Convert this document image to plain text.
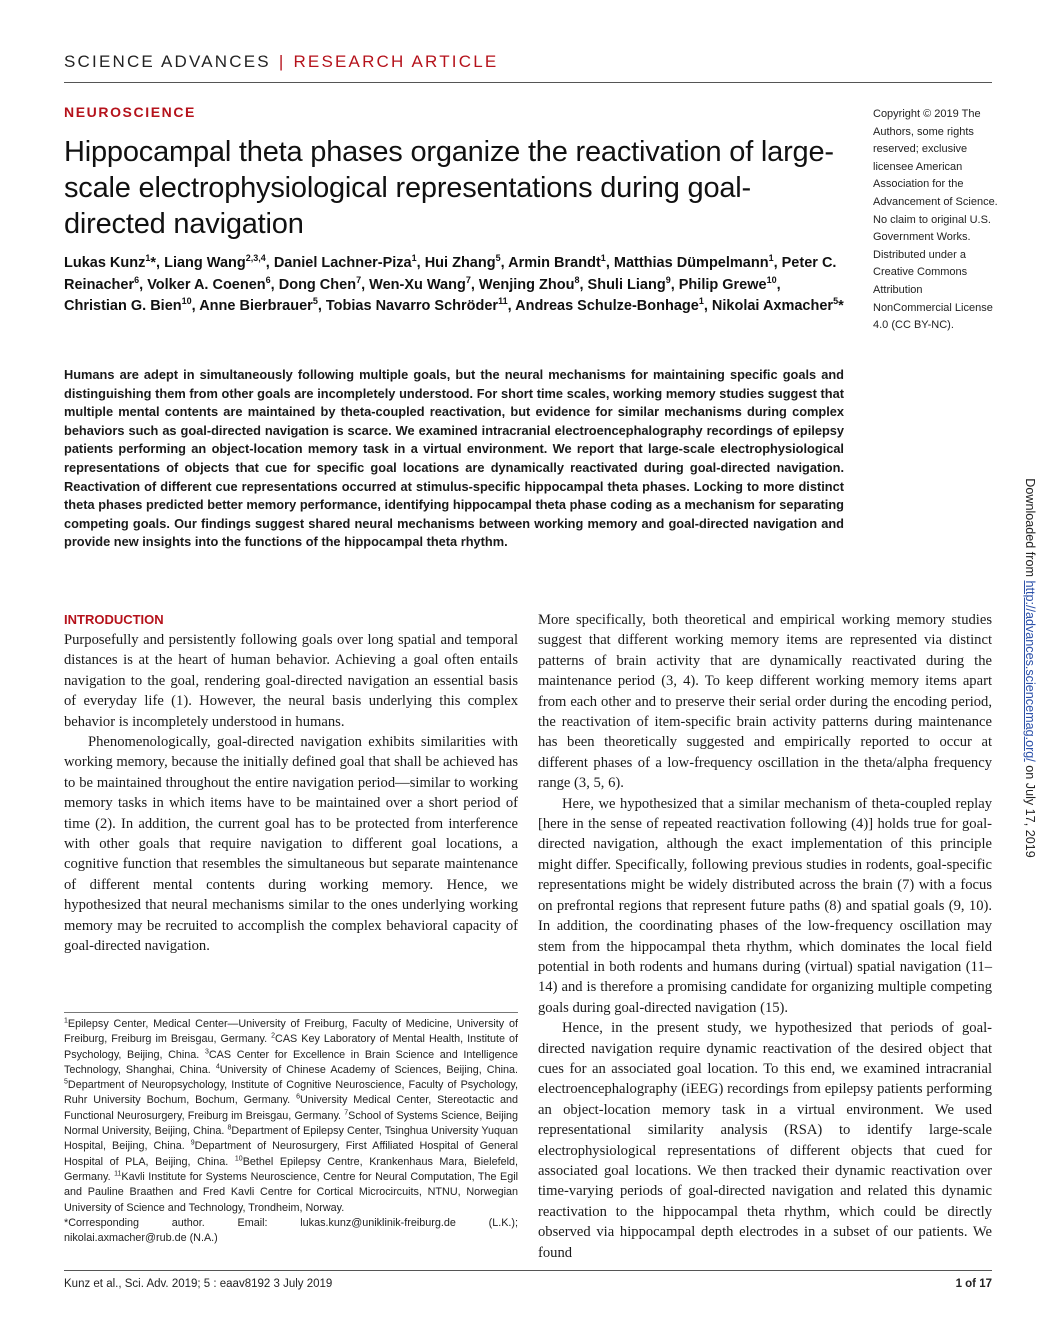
SCIENCE ADVANCES | RESEARCH ARTICLE
NEUROSCIENCE
Hippocampal theta phases organize the reactivation of large-scale electrophysiological representations during goal-directed navigation
Lukas Kunz$^1$*, Liang Wang$^{2,3,4}$, Daniel Lachner-Piza$^1$, Hui Zhang$^5$, Armin Brandt$^1$, Matthias Dümpelmann$^1$, Peter C. Reinacher$^6$, Volker A. Coenen$^6$, Dong Chen$^7$, Wen-Xu Wang$^7$, Wenjing Zhou$^8$, Shuli Liang$^9$, Philip Grewe$^{10}$, Christian G. Bien$^{10}$, Anne Bierbrauer$^5$, Tobias Navarro Schröder$^{11}$, Andreas Schulze-Bonhage$^1$, Nikolai Axmacher$^5$*
Copyright © 2019 The Authors, some rights reserved; exclusive licensee American Association for the Advancement of Science. No claim to original U.S. Government Works. Distributed under a Creative Commons Attribution NonCommercial License 4.0 (CC BY-NC).
Humans are adept in simultaneously following multiple goals, but the neural mechanisms for maintaining specific goals and distinguishing them from other goals are incompletely understood. For short time scales, working memory studies suggest that multiple mental contents are maintained by theta-coupled reactivation, but evidence for similar mechanisms during complex behaviors such as goal-directed navigation is scarce. We examined intracranial electroencephalography recordings of epilepsy patients performing an object-location memory task in a virtual environment. We report that large-scale electrophysiological representations of objects that cue for specific goal locations are dynamically reactivated during goal-directed navigation. Reactivation of different cue representations occurred at stimulus-specific hippocampal theta phases. Locking to more distinct theta phases predicted better memory performance, identifying hippocampal theta phase coding as a mechanism for separating competing goals. Our findings suggest shared neural mechanisms between working memory and goal-directed navigation and provide new insights into the functions of the hippocampal theta rhythm.
INTRODUCTION

Purposefully and persistently following goals over long spatial and temporal distances is at the heart of human behavior. Achieving a goal often entails navigation to the goal, rendering goal-directed navigation an essential basis of everyday life (1). However, the neural basis underlying this complex behavior is incompletely understood in humans.

Phenomenologically, goal-directed navigation exhibits similarities with working memory, because the initially defined goal that shall be achieved has to be maintained throughout the entire navigation period—similar to working memory tasks in which items have to be maintained over a short period of time (2). In addition, the current goal has to be protected from interference with other goals that require navigation to different goal locations, a cognitive function that resembles the simultaneous but separate maintenance of different mental contents during working memory. Hence, we hypothesized that neural mechanisms similar to the ones underlying working memory may be recruited to accomplish the complex behavioral capacity of goal-directed navigation.

More specifically, both theoretical and empirical working memory studies suggest that different working memory items are represented via distinct patterns of brain activity that are dynamically reactivated during the maintenance period (3, 4). To keep different working memory items apart from each other and to preserve their serial order during the encoding period, the reactivation of item-specific brain activity patterns during maintenance has been theoretically suggested and empirically reported to occur at different phases of a low-frequency oscillation in the theta/alpha frequency range (3, 5, 6).

Here, we hypothesized that a similar mechanism of theta-coupled replay [here in the sense of repeated reactivation following (4)] holds true for goal-directed navigation, although the exact implementation of this principle might differ. Specifically, following previous studies in rodents, goal-specific representations might be widely distributed across the brain (7) with a focus on prefrontal regions that represent future paths (8) and spatial goals (9, 10). In addition, the coordinating phases of the low-frequency oscillation may stem from the hippocampal theta rhythm, which dominates the local field potential in both rodents and humans during (virtual) spatial navigation (11–14) and is therefore a promising candidate for organizing multiple competing goals during goal-directed navigation (15).

Hence, in the present study, we hypothesized that periods of goal-directed navigation require dynamic reactivation of the desired object that cues for an associated goal location. To this end, we examined intracranial electroencephalography (iEEG) recordings from epilepsy patients performing an object-location memory task in a virtual environment. We used representational similarity analysis (RSA) to identify large-scale electrophysiological representations of different objects that cued for associated goal locations. We then tracked their dynamic reactivation over time-varying periods of goal-directed navigation and related this dynamic reactivation to the hippocampal theta rhythm, which could be directly observed via hippocampal depth electrodes in a subset of our patients. We found

$^1$Epilepsy Center, Medical Center—University of Freiburg, Faculty of Medicine, University of Freiburg, Freiburg im Breisgau, Germany. $^2$CAS Key Laboratory of Mental Health, Institute of Psychology, Beijing, China. $^3$CAS Center for Excellence in Brain Science and Intelligence Technology, Shanghai, China. $^4$University of Chinese Academy of Sciences, Beijing, China. $^5$Department of Neuropsychology, Institute of Cognitive Neuroscience, Faculty of Psychology, Ruhr University Bochum, Bochum, Germany. $^6$University Medical Center, Stereotactic and Functional Neurosurgery, Freiburg im Breisgau, Germany. $^7$School of Systems Science, Beijing Normal University, Beijing, China. $^8$Department of Epilepsy Center, Tsinghua University Yuquan Hospital, Beijing, China. $^9$Department of Neurosurgery, First Affiliated Hospital of General Hospital of PLA, Beijing, China. $^{10}$Bethel Epilepsy Centre, Krankenhaus Mara, Bielefeld, Germany. $^{11}$Kavli Institute for Systems Neuroscience, Centre for Neural Computation, The Egil and Pauline Braathen and Fred Kavli Centre for Cortical Microcircuits, NTNU, Norwegian University of Science and Technology, Trondheim, Norway.

*Corresponding author. Email: lukas.kunz@uniklinik-freiburg.de (L.K.); nikolai.axmacher@rub.de (N.A.)

Kunz et al., Sci. Adv. 2019; 5 : eaav8192 3 July 2019	1 of 17
Downloaded from http://advances.sciencemag.org/ on July 17, 2019
